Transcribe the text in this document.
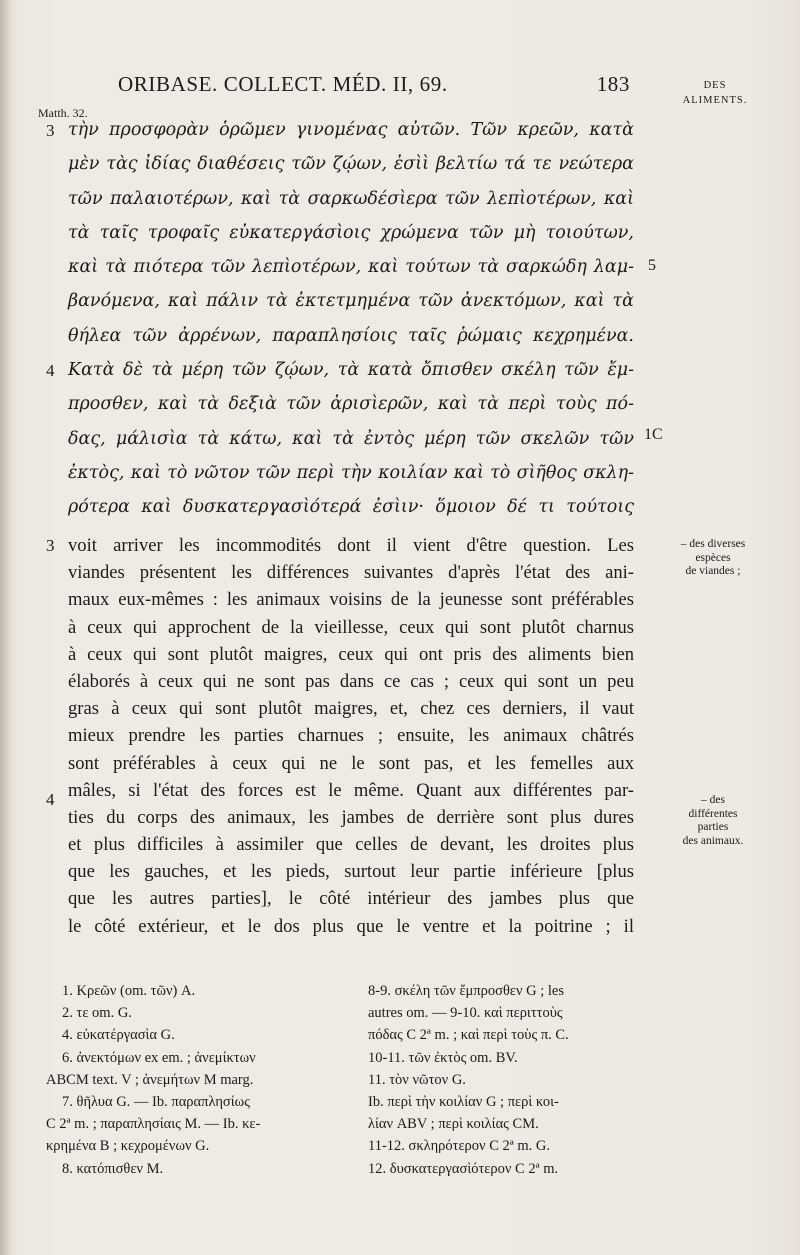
ORIBASE. COLLECT. MÉD. II, 69.	183
Matth. 32.
DES
ALIMENTS.
3
4
5
1C
τὴν προσφορὰν ὁρῶμεν γινομένας αὐτῶν. Τῶν κρεῶν, κατὰ
μὲν τὰς ἰδίας διαθέσεις τῶν ζῴων, ἐσὶὶ βελτίω τά τε νεώτερα
τῶν παλαιοτέρων, καὶ τὰ σαρκωδέσὶερα τῶν λεπὶοτέρων, καὶ
τὰ ταῖς τροφαῖς εὐκατεργάσὶοις χρώμενα τῶν μὴ τοιούτων,
καὶ τὰ πιότερα τῶν λεπὶοτέρων, καὶ τούτων τὰ σαρκώδη λαμ-
βανόμενα, καὶ πάλιν τὰ ἐκτετμημένα τῶν ἀνεκτόμων, καὶ τὰ
θήλεα τῶν ἀρρένων, παραπλησίοις ταῖς ῥώμαις κεχρημένα.
Κατὰ δὲ τὰ μέρη τῶν ζῴων, τὰ κατὰ ὄπισθεν σκέλη τῶν ἔμ-
προσθεν, καὶ τὰ δεξιὰ τῶν ἀρισὶερῶν, καὶ τὰ περὶ τοὺς πό-
δας, μάλισὶα τὰ κάτω, καὶ τὰ ἐντὸς μέρη τῶν σκελῶν τῶν
ἐκτὸς, καὶ τὸ νῶτον τῶν περὶ τὴν κοιλίαν καὶ τὸ σὶῆθος σκλη-
ρότερα καὶ δυσκατεργασὶότερά ἐσὶιν· ὅμοιον δέ τι τούτοις
3
4
voit arriver les incommodités dont il vient d'être question. Les
viandes présentent les différences suivantes d'après l'état des ani-
maux eux-mêmes : les animaux voisins de la jeunesse sont préférables
à ceux qui approchent de la vieillesse, ceux qui sont plutôt charnus
à ceux qui sont plutôt maigres, ceux qui ont pris des aliments bien
élaborés à ceux qui ne sont pas dans ce cas ; ceux qui sont un peu
gras à ceux qui sont plutôt maigres, et, chez ces derniers, il vaut
mieux prendre les parties charnues ; ensuite, les animaux châtrés
sont préférables à ceux qui ne le sont pas, et les femelles aux
mâles, si l'état des forces est le même. Quant aux différentes par-
ties du corps des animaux, les jambes de derrière sont plus dures
et plus difficiles à assimiler que celles de devant, les droites plus
que les gauches, et les pieds, surtout leur partie inférieure [plus
que les autres parties], le côté intérieur des jambes plus que
le côté extérieur, et le dos plus que le ventre et la poitrine ; il
– des diverses
espèces
de viandes ;
– des
différentes
parties
des animaux.
1. Κρεῶν (om. τῶν) A.
2. τε om. G.
4. εὐκατέργασὶα G.
6. ἀνεκτόμων ex em. ; ἀνεμίκτων
ABCM text. V ; ἀνεμήτων M marg.
7. θῆλυα G. — Ib. παραπλησίως
C 2ª m. ; παραπλησίαις M. — Ib. κε-
κρημένα B ; κεχρομένων G.
8. κατόπισθεν M.
8-9. σκέλη τῶν ἔμπροσθεν G ; les
autres om. — 9-10. καὶ περιττοὺς
πόδας C 2ª m. ; καὶ περὶ τοὺς π. C.
10-11. τῶν ἐκτὸς om. BV.
11. τὸν νῶτον G.
Ib. περὶ τὴν κοιλίαν G ; περὶ κοι-
λίαν ABV ; περὶ κοιλίας CM.
11-12. σκληρότερον C 2ª m. G.
12. δυσκατεργασὶότερον C 2ª m.
